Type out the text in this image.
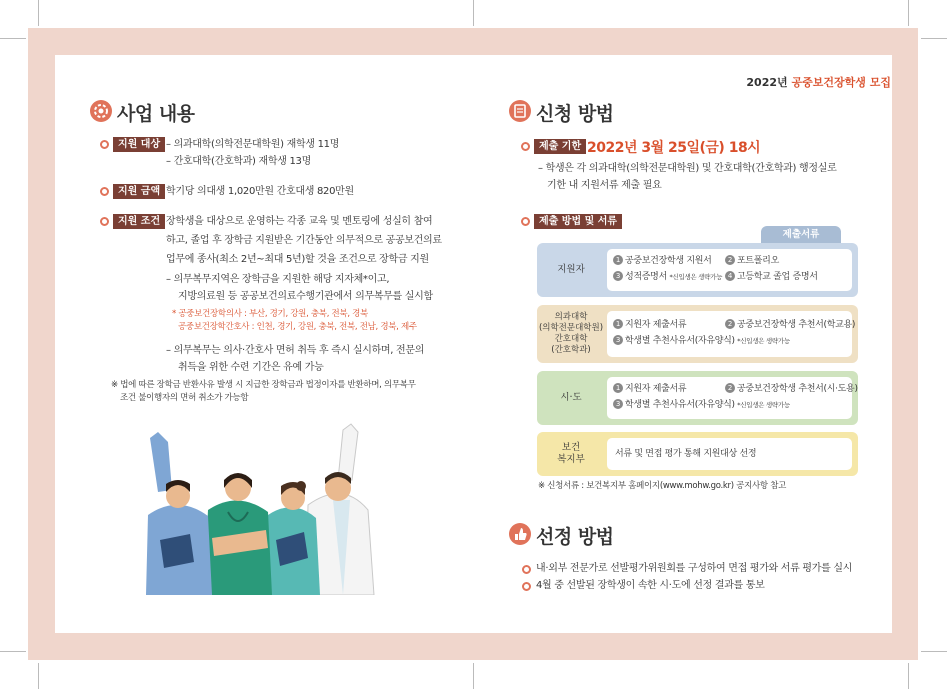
2022년 공중보건장학생 모집
사업 내용
지원 대상 – 의과대학(의학전문대학원) 재학생 11명
– 간호대학(간호학과) 재학생 13명
지원 금액 학기당 의대생 1,020만원 간호대생 820만원
지원 조건 장학생을 대상으로 운영하는 각종 교육 및 멘토링에 성실히 참여
하고, 졸업 후 장학금 지원받은 기간동안 의무적으로 공공보건의료
업무에 종사(최소 2년~최대 5년)할 것을 조건으로 장학금 지원
– 의무복무지역은 장학금을 지원한 해당 지자체*이고,
지방의료원 등 공공보건의료수행기관에서 의무복무를 실시함
* 공중보건장학의사 : 부산, 경기, 강원, 충북, 전북, 경북
공중보건장학간호사 : 인천, 경기, 강원, 충북, 전북, 전남, 경북, 제주
– 의무복무는 의사·간호사 면허 취득 후 즉시 실시하며, 전문의
취득을 위한 수련 기간은 유예 가능
※ 법에 따른 장학금 반환사유 발생 시 지급한 장학금과 법정이자를 반환하며, 의무복무
조건 불이행자의 면허 취소가 가능함
신청 방법
제출 기한 2022년 3월 25일(금) 18시
– 학생은 각 의과대학(의학전문대학원) 및 간호대학(간호학과) 행정실로
기한 내 지원서류 제출 필요
제출 방법 및 서류
제출서류
지원자
1 공중보건장학생 지원서	2 포트폴리오
3 성적증명서 *신입생은 생략가능 4 고등학교 졸업 증명서
의과대학
(의학전문대학원)
간호대학
(간호학과)
1 지원자 제출서류	2 공중보건장학생 추천서(학교용)
3 학생별 추천사유서(자유양식) *신입생은 생략가능
시·도
1 지원자 제출서류	2 공중보건장학생 추천서(시·도용)
3 학생별 추천사유서(자유양식) *신입생은 생략가능
보건
복지부	서류 및 면접 평가 통해 지원대상 선정
※ 신청서류 : 보건복지부 홈페이지(www.mohw.go.kr) 공지사항 참고
선정 방법
내·외부 전문가로 선발평가위원회를 구성하여 면접 평가와 서류 평가를 실시
4월 중 선발된 장학생이 속한 시·도에 선정 결과를 통보
